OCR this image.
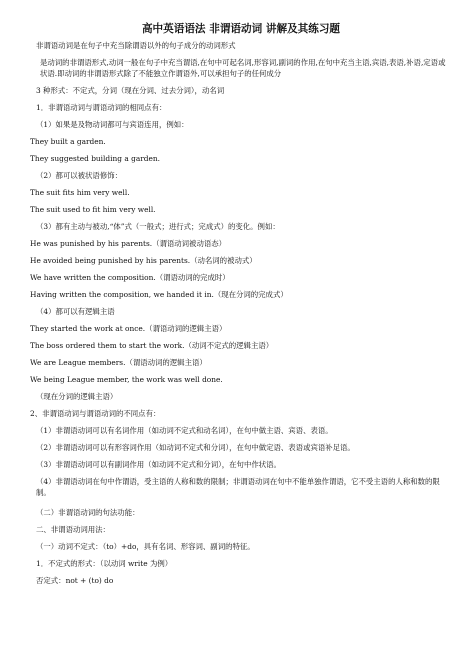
高中英语语法 非谓语动词 讲解及其练习题
非谓语动词是在句子中充当除谓语以外的句子成分的动词形式
是动词的非谓语形式,动词一般在句子中充当谓语,在句中可起名词,形容词,副词的作用,在句中充当主语,宾语,表语,补语,定语或状语.即动词的非谓语形式除了不能独立作谓语外,可以承担句子的任何成分
3 种形式：不定式，分词（现在分词、过去分词），动名词
1．非谓语动词与谓语动词的相同点有：
（1）如果是及物动词都可与宾语连用，例如：
They built a garden.
They suggested building a garden.
（2）都可以被状语修饰：
The suit fits him very well.
The suit used to fit him very well.
（3）都有主动与被动,“体”式（一般式；进行式；完成式）的变化。例如：
He was punished by his parents.（谓语动词被动语态）
He avoided being punished by his parents.（动名词的被动式）
We have written the composition.（谓语动词的完成时）
Having written the composition, we handed it in.（现在分词的完成式）
（4）都可以有逻辑主语
They started the work at once.（谓语动词的逻辑主语）
The boss ordered them to start the work.（动词不定式的逻辑主语）
We are League members.（谓语动词的逻辑主语）
We being League member, the work was well done.
（现在分词的逻辑主语）
2、非谓语动词与谓语动词的不同点有：
（1）非谓语动词可以有名词作用（如动词不定式和动名词），在句中做主语、宾语、表语。
（2）非谓语动词可以有形容词作用（如动词不定式和分词），在句中做定语、表语或宾语补足语。
（3）非谓语动词可以有副词作用（如动词不定式和分词），在句中作状语。
（4）非谓语动词在句中作谓语，受主语的人称和数的限制；非谓语动词在句中不能单独作谓语，它不受主语的人称和数的限制。
（二）非谓语动词的句法功能：
二、非谓语动词用法：
（一）动词不定式：（to）+do，具有名词、形容词、副词的特征。
1．不定式的形式：（以动词 write 为例）
否定式：not + (to) do
